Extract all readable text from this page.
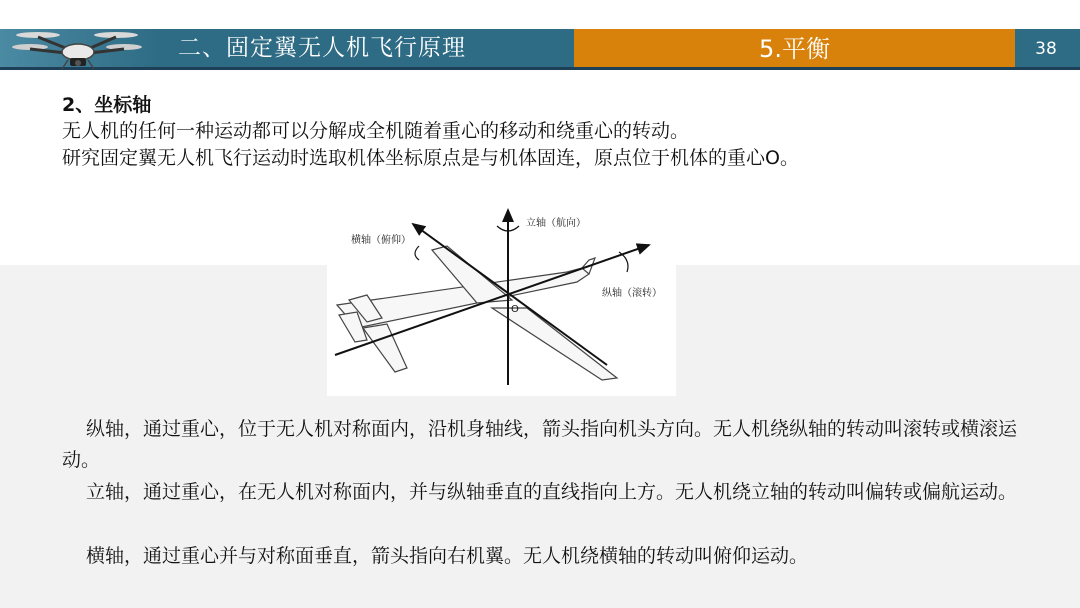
二、固定翼无人机飞行原理	5.平衡	38
2、坐标轴
无人机的任何一种运动都可以分解成全机随着重心的移动和绕重心的转动。
研究固定翼无人机飞行运动时选取机体坐标原点是与机体固连，原点位于机体的重心O。
O
横轴（俯仰）
立轴（航向）
纵轴（滚转）
纵轴，通过重心，位于无人机对称面内，沿机身轴线，箭头指向机头方向。无人机绕纵轴的转动叫滚转或横滚运动。
立轴，通过重心，在无人机对称面内，并与纵轴垂直的直线指向上方。无人机绕立轴的转动叫偏转或偏航运动。
横轴，通过重心并与对称面垂直，箭头指向右机翼。无人机绕横轴的转动叫俯仰运动。
